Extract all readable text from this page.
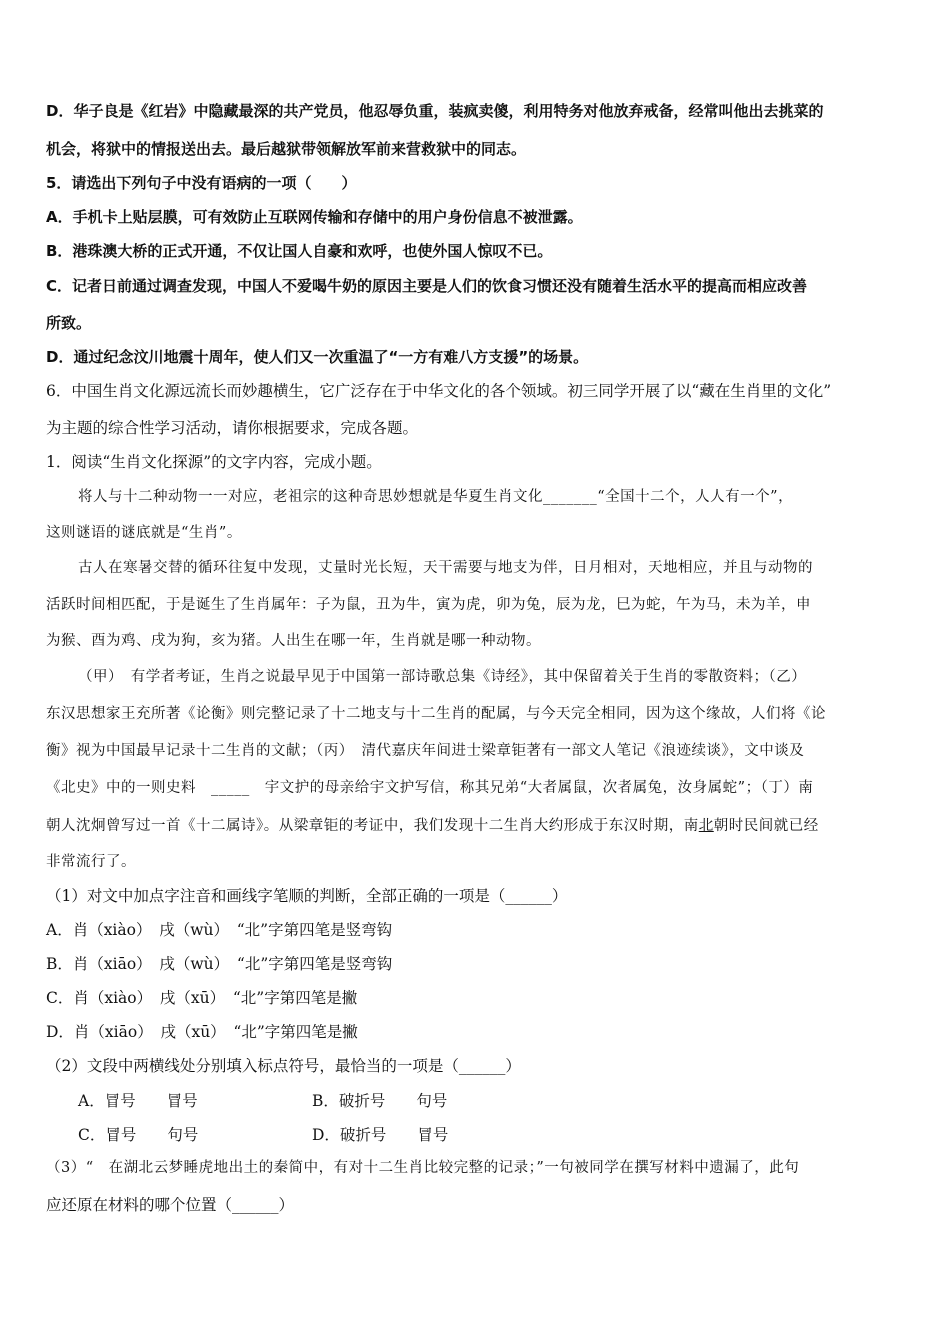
D．华子良是《红岩》中隐藏最深的共产党员，他忍辱负重，装疯卖傻，利用特务对他放弃戒备，经常叫他出去挑菜的
机会，将狱中的情报送出去。最后越狱带领解放军前来营救狱中的同志。
5．请选出下列句子中没有语病的一项（　　）
A．手机卡上贴层膜，可有效防止互联网传输和存储中的用户身份信息不被泄露。
B．港珠澳大桥的正式开通，不仅让国人自豪和欢呼，也使外国人惊叹不已。
C．记者日前通过调查发现，中国人不爱喝牛奶的原因主要是人们的饮食习惯还没有随着生活水平的提高而相应改善
所致。
D．通过纪念汶川地震十周年，使人们又一次重温了“一方有难八方支援”的场景。
6．中国生肖文化源远流长而妙趣横生，它广泛存在于中华文化的各个领域。初三同学开展了以“藏在生肖里的文化”
为主题的综合性学习活动，请你根据要求，完成各题。
1．阅读“生肖文化探源”的文字内容，完成小题。
将人与十二种动物一一对应，老祖宗的这种奇思妙想就是华夏生肖文化_______“全国十二个，人人有一个”，
这则谜语的谜底就是“生肖”。
古人在寒暑交替的循环往复中发现，丈量时光长短，天干需要与地支为伴，日月相对，天地相应，并且与动物的
活跃时间相匹配，于是诞生了生肖属年：子为鼠，丑为牛，寅为虎，卯为兔，辰为龙，巳为蛇，午为马，未为羊，申
为猴、酉为鸡、戌为狗，亥为猪。人出生在哪一年，生肖就是哪一种动物。
（甲）　有学者考证，生肖之说最早见于中国第一部诗歌总集《诗经》，其中保留着关于生肖的零散资料；（乙）
东汉思想家王充所著《论衡》则完整记录了十二地支与十二生肖的配属，与今天完全相同，因为这个缘故，人们将《论
衡》视为中国最早记录十二生肖的文献；（丙）　清代嘉庆年间进士梁章钜著有一部文人笔记《浪迹续谈》，文中谈及
《北史》中的一则史料　_____　宇文护的母亲给宇文护写信，称其兄弟“大者属鼠，次者属兔，汝身属蛇”；（丁）南
朝人沈炯曾写过一首《十二属诗》。从梁章钜的考证中，我们发现十二生肖大约形成于东汉时期，南北朝时民间就已经
非常流行了。
（1）对文中加点字注音和画线字笔顺的判断，全部正确的一项是（______）
A．肖（xiào）　戌（wù）　“北”字第四笔是竖弯钩
B．肖（xiāo）　戌（wù）　“北”字第四笔是竖弯钩
C．肖（xiào）　戌（xū）　“北”字第四笔是撇
D．肖（xiāo）　戌（xū）　“北”字第四笔是撇
（2）文段中两横线处分别填入标点符号，最恰当的一项是（______）
A．冒号　　冒号	B．破折号　　句号
C．冒号　　句号	D．破折号　　冒号
（3）“　在湖北云梦睡虎地出土的秦简中，有对十二生肖比较完整的记录；”一句被同学在撰写材料中遗漏了，此句
应还原在材料的哪个位置（______）
